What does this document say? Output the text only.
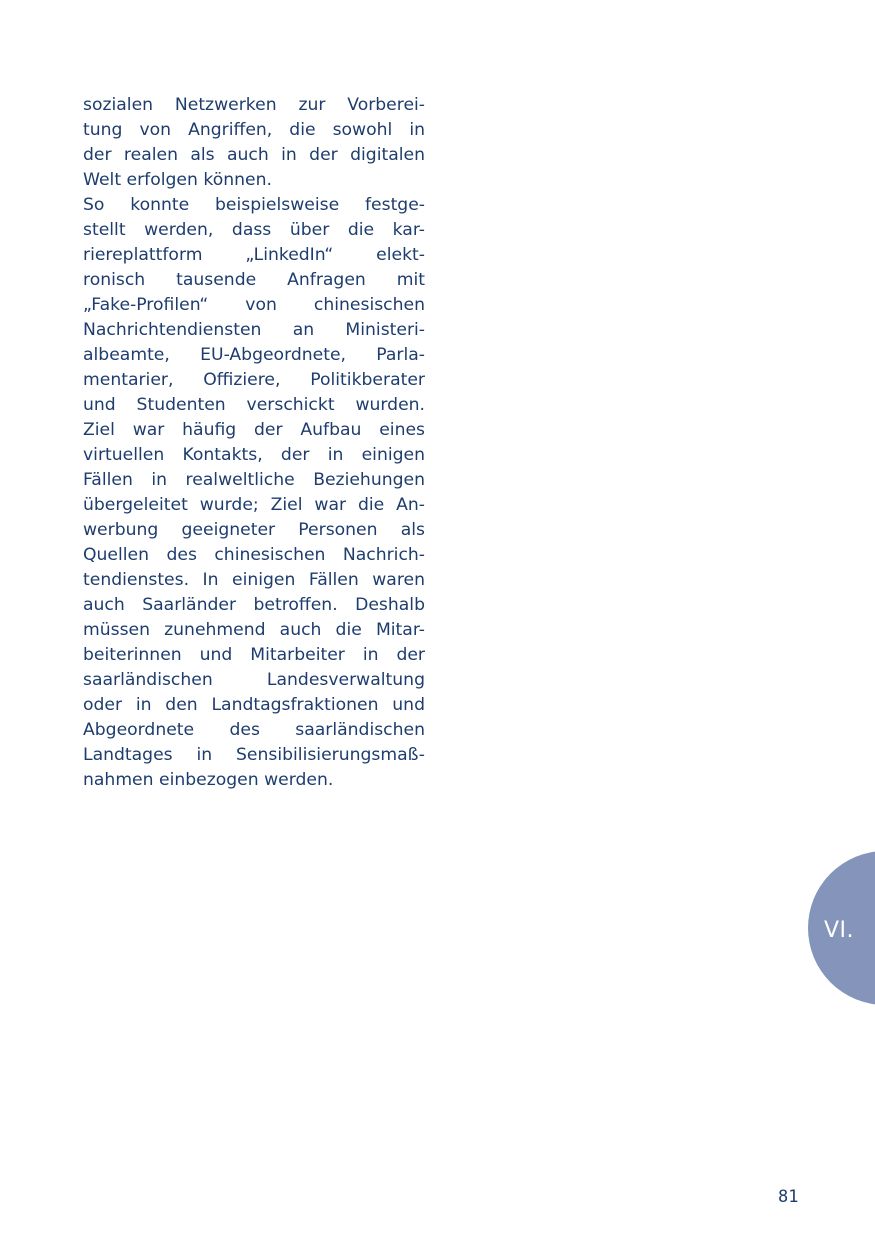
sozialen Netzwerken zur Vorberei-
tung von Angriffen, die sowohl in
der realen als auch in der digitalen
Welt erfolgen können.

So konnte beispielsweise festge-
stellt werden, dass über die kar-
riereplattform „LinkedIn“ elekt-
ronisch tausende Anfragen mit
„Fake-Profilen“ von chinesischen
Nachrichtendiensten an Ministeri-
albeamte, EU-Abgeordnete, Parla-
mentarier, Offiziere, Politikberater
und Studenten verschickt wurden.
Ziel war häufig der Aufbau eines
virtuellen Kontakts, der in einigen
Fällen in realweltliche Beziehungen
übergeleitet wurde; Ziel war die An-
werbung geeigneter Personen als
Quellen des chinesischen Nachrich-
tendienstes. In einigen Fällen waren
auch Saarländer betroffen. Deshalb
müssen zunehmend auch die Mitar-
beiterinnen und Mitarbeiter in der
saarländischen Landesverwaltung
oder in den Landtagsfraktionen und
Abgeordnete des saarländischen
Landtages in Sensibilisierungsmaß-
nahmen einbezogen werden.

VI.
81
